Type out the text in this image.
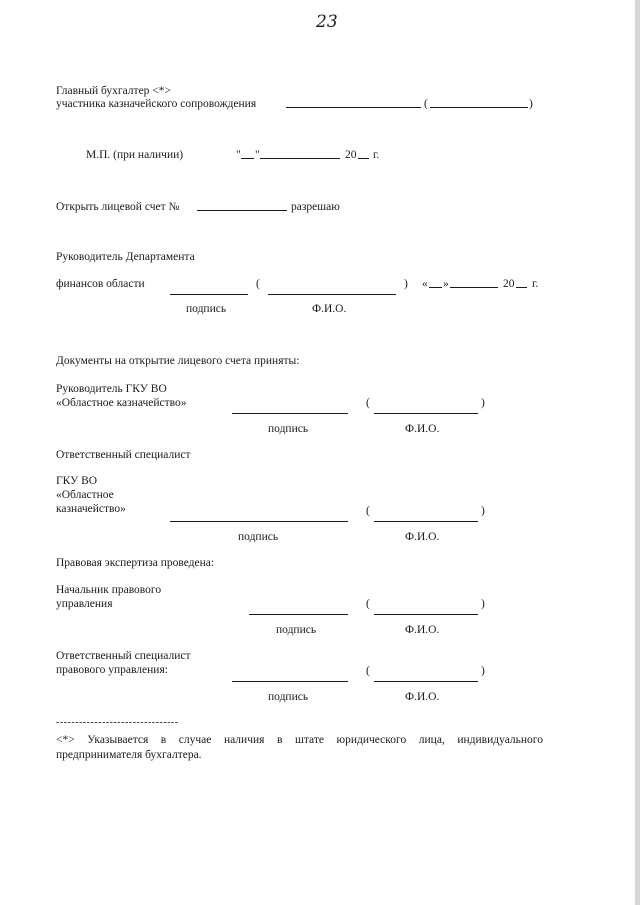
23
Главный бухгалтер <*>
участника казначейского сопровождения	(	)
М.П. (при наличии)	" "	20 г.
Открыть лицевой счет №	разрешаю
Руководитель Департамента
финансов области	(	) « »	20 г.
подпись	Ф.И.О.
Документы на открытие лицевого счета приняты:
Руководитель ГКУ ВО
«Областное казначейство»	(	)
подпись	Ф.И.О.
Ответственный специалист
ГКУ ВО
«Областное
казначейство»	(	)
подпись	Ф.И.О.
Правовая экспертиза проведена:
Начальник правового
управления	(	)
подпись	Ф.И.О.
Ответственный специалист
правового управления:	(	)
подпись	Ф.И.О.
--------------------------------
<*> Указывается в случае наличия в штате юридического лица, индивидуального предпринимателя бухгалтера.
